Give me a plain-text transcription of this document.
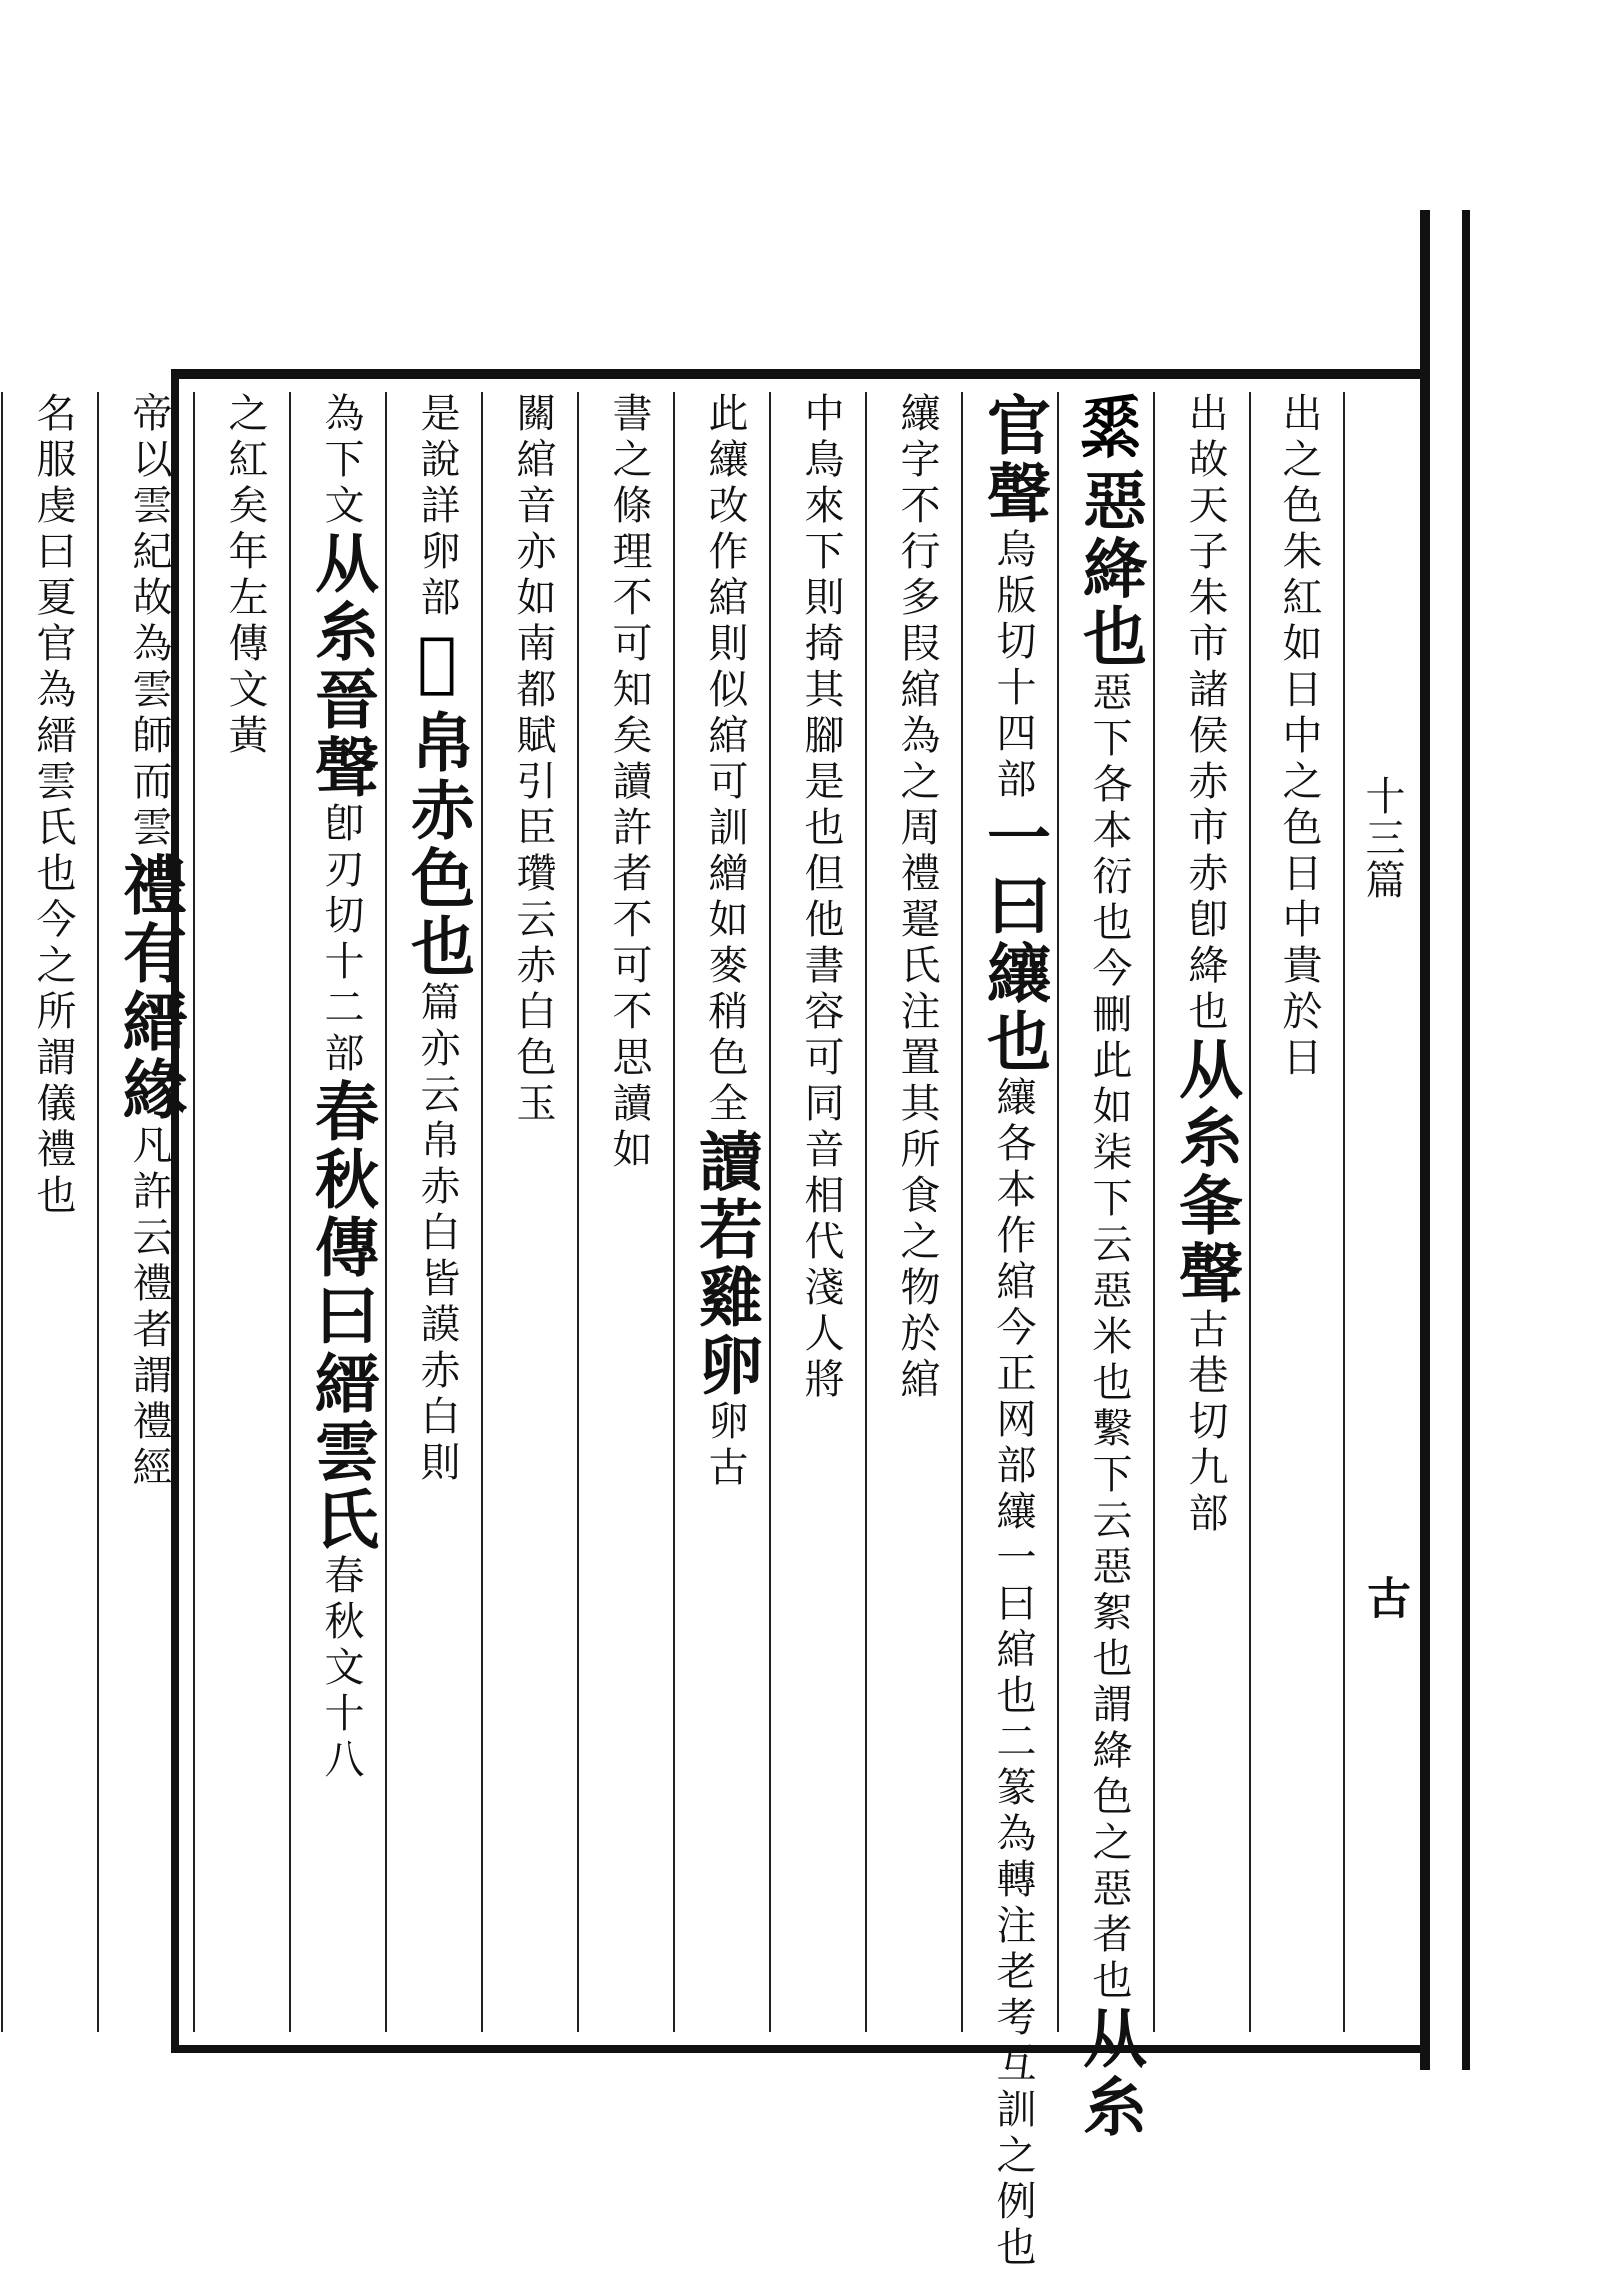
十三篇
古
出之色朱紅如日中之色日中貴於日
出故天子朱市諸侯赤市赤卽絳也从糸夆聲古巷切九部
𦃃惡絳也惡下各本衍也今刪此如柒下云惡米也繫下云惡絮也謂絳色之惡者也从糸
官聲烏版切十四部一曰纕也纕各本作綰今正网部纕一曰綰也二篆為轉注老考互訓之例也
纕字不行多叚綰為之周禮翨氏注置其所食之物於綰
中鳥來下則掎其腳是也但他書容可同音相代淺人將
此纕改作綰則似綰可訓繒如麥稍色全讀若雞卵卵古
書之條理不可知矣讀許者不可不思讀如
關綰音亦如南都賦引臣瓚云赤白色玉
是說詳卵部𦄩帛赤色也篇亦云帛赤白皆謨赤白則
為下文从糸晉聲卽刃切十二部春秋傳曰縉雲氏春秋文十八
之紅矣年左傳文黃
帝以雲紀故為雲師而雲禮有縉緣凡許云禮者謂禮經
名服虔曰夏官為縉雲氏也今之所謂儀禮也
